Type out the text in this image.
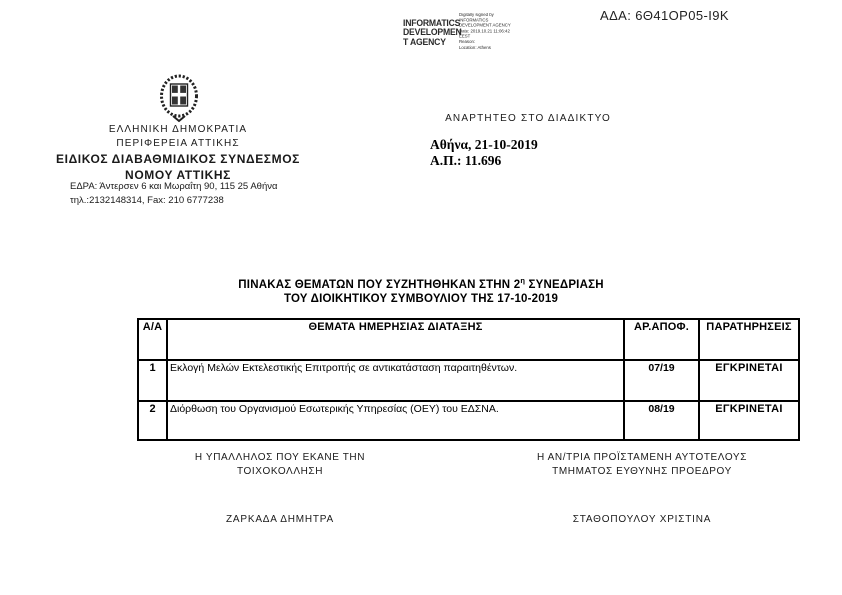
INFORMATICS
DEVELOPMEN
T AGENCY
Digitally signed by
INFORMATICS
DEVELOPMENT AGENCY
Date: 2019.10.21 11:06:42
EEST
Reason:
Location: Athens
ΑΔΑ: 6Θ41ΟΡ05-Ι9Κ
ΕΛΛΗΝΙΚΗ ΔΗΜΟΚΡΑΤΙΑ
ΠΕΡΙΦΕΡΕΙΑ ΑΤΤΙΚΗΣ
ΕΙΔΙΚΟΣ ΔΙΑΒΑΘΜΙΔΙΚΟΣ ΣΥΝΔΕΣΜΟΣ
ΝΟΜΟΥ ΑΤΤΙΚΗΣ
ΕΔΡΑ: Άντερσεν 6 και Μωραΐτη 90, 115 25 Αθήνα
τηλ.:2132148314, Fax: 210 6777238
ΑΝΑΡΤΗΤΕΟ ΣΤΟ ΔΙΑΔΙΚΤΥΟ
Αθήνα, 21-10-2019
Α.Π.: 11.696
ΠΙΝΑΚΑΣ ΘΕΜΑΤΩΝ ΠΟΥ ΣΥΖΗΤΗΘΗΚΑΝ ΣΤΗΝ $2^\eta$ ΣΥΝΕΔΡΙΑΣΗ
ΤΟΥ ΔΙΟΙΚΗΤΙΚΟΥ ΣΥΜΒΟΥΛΙΟΥ ΤΗΣ 17-10-2019
Α/Α	ΘΕΜΑΤΑ ΗΜΕΡΗΣΙΑΣ ΔΙΑΤΑΞΗΣ	ΑΡ.ΑΠΟΦ.	ΠΑΡΑΤΗΡΗΣΕΙΣ
1	Εκλογή Μελών Εκτελεστικής Επιτροπής σε αντικατάσταση παραιτηθέντων.	07/19	ΕΓΚΡΙΝΕΤΑΙ
2	Διόρθωση του Οργανισμού Εσωτερικής Υπηρεσίας (ΟΕΥ) του ΕΔΣΝΑ.	08/19	ΕΓΚΡΙΝΕΤΑΙ
Η ΥΠΑΛΛΗΛΟΣ ΠΟΥ ΕΚΑΝΕ ΤΗΝ
ΤΟΙΧΟΚΟΛΛΗΣΗ
ΖΑΡΚΑΔΑ ΔΗΜΗΤΡΑ
Η ΑΝ/ΤΡΙΑ ΠΡΟΪΣΤΑΜΕΝΗ ΑΥΤΟΤΕΛΟΥΣ
ΤΜΗΜΑΤΟΣ ΕΥΘΥΝΗΣ ΠΡΟΕΔΡΟΥ
ΣΤΑΘΟΠΟΥΛΟΥ ΧΡΙΣΤΙΝΑ
